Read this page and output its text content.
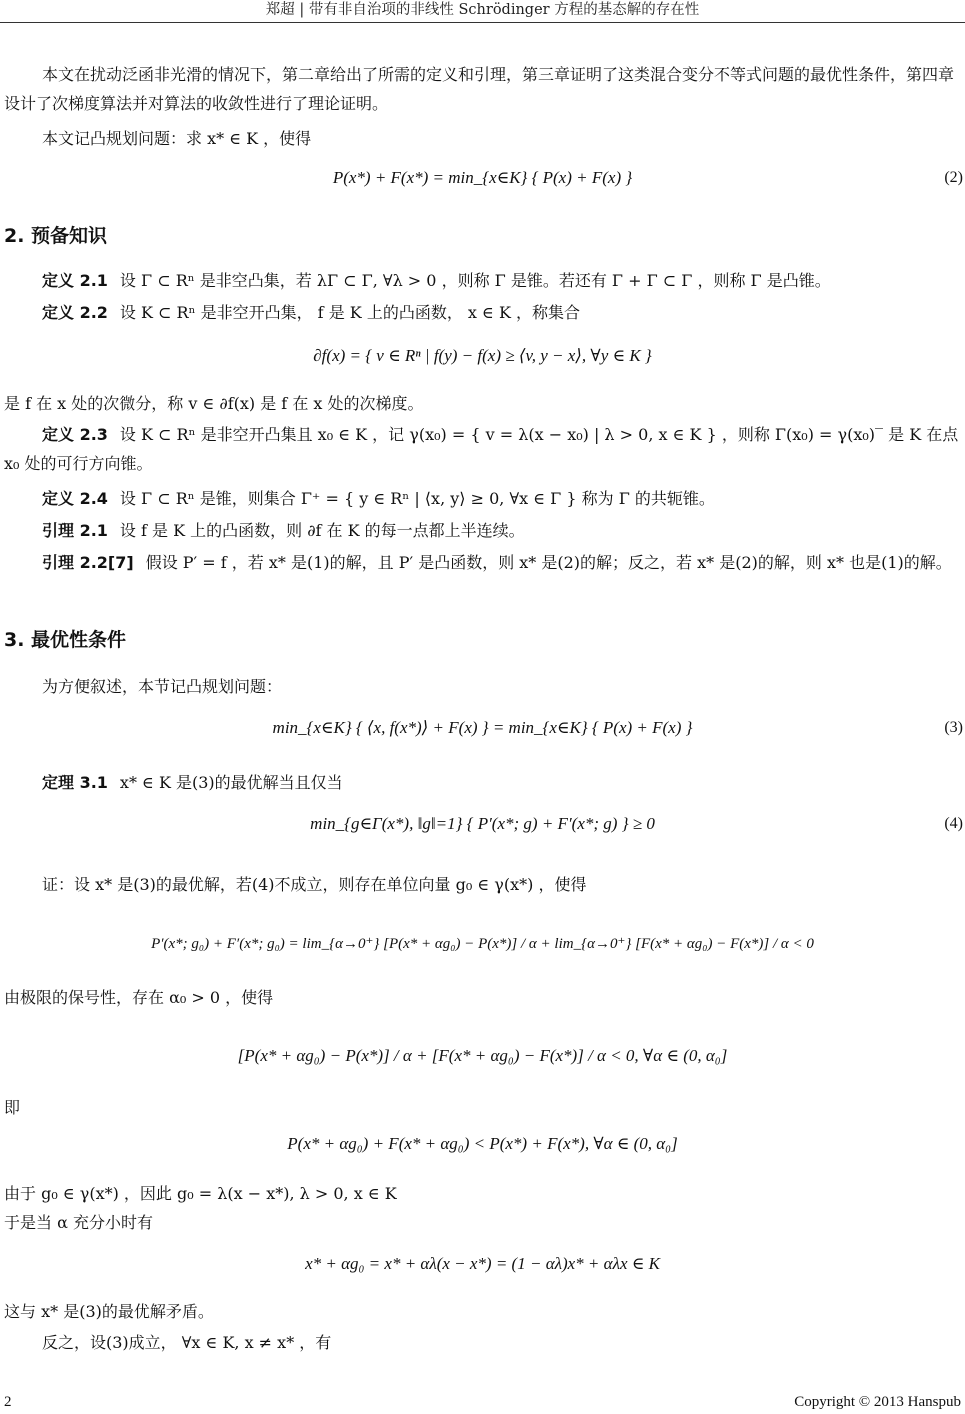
郑超 | 带有非自治项的非线性 Schrödinger 方程的基态解的存在性
本文在扰动泛函非光滑的情况下，第二章给出了所需的定义和引理，第三章证明了这类混合变分不等式问题的最优性条件，第四章设计了次梯度算法并对算法的收敛性进行了理论证明。
本文记凸规划问题：求 x* ∈ K ，使得
P(x*) + F(x*) = min_{x∈K} { P(x) + F(x) }	(2)
2. 预备知识
定义 2.1 设 Γ ⊂ Rⁿ 是非空凸集，若 λΓ ⊂ Γ, ∀λ > 0 ，则称 Γ 是锥。若还有 Γ + Γ ⊂ Γ ，则称 Γ 是凸锥。
定义 2.2 设 K ⊂ Rⁿ 是非空开凸集， f 是 K 上的凸函数， x ∈ K ，称集合
∂f(x) = { v ∈ Rⁿ | f(y) − f(x) ≥ ⟨v, y − x⟩, ∀y ∈ K }
是 f 在 x 处的次微分，称 v ∈ ∂f(x) 是 f 在 x 处的次梯度。
定义 2.3 设 K ⊂ Rⁿ 是非空开凸集且 x₀ ∈ K ，记 γ(x₀) = { v = λ(x − x₀) | λ > 0, x ∈ K } ，则称 Γ(x₀) = γ(x₀)‾ 是 K 在点 x₀ 处的可行方向锥。
定义 2.4 设 Γ ⊂ Rⁿ 是锥，则集合 Γ⁺ = { y ∈ Rⁿ | ⟨x, y⟩ ≥ 0, ∀x ∈ Γ } 称为 Γ 的共轭锥。
引理 2.1 设 f 是 K 上的凸函数，则 ∂f 在 K 的每一点都上半连续。
引理 2.2[7] 假设 P′ = f ，若 x* 是(1)的解，且 P′ 是凸函数，则 x* 是(2)的解；反之，若 x* 是(2)的解，则 x* 也是(1)的解。
3. 最优性条件
为方便叙述，本节记凸规划问题：
min_{x∈K} { ⟨x, f(x*)⟩ + F(x) } = min_{x∈K} { P(x) + F(x) }	(3)
定理 3.1 x* ∈ K 是(3)的最优解当且仅当
min_{g∈Γ(x*), ‖g‖=1} { P′(x*; g) + F′(x*; g) } ≥ 0	(4)
证：设 x* 是(3)的最优解，若(4)不成立，则存在单位向量 g₀ ∈ γ(x*) ，使得
P′(x*; g₀) + F′(x*; g₀) = lim_{α→0⁺} [P(x* + αg₀) − P(x*)] / α + lim_{α→0⁺} [F(x* + αg₀) − F(x*)] / α < 0
由极限的保号性，存在 α₀ > 0 ，使得
[P(x* + αg₀) − P(x*)] / α + [F(x* + αg₀) − F(x*)] / α < 0, ∀α ∈ (0, α₀]
即
P(x* + αg₀) + F(x* + αg₀) < P(x*) + F(x*), ∀α ∈ (0, α₀]
由于 g₀ ∈ γ(x*) ，因此 g₀ = λ(x − x*), λ > 0, x ∈ K
于是当 α 充分小时有
x* + αg₀ = x* + αλ(x − x*) = (1 − αλ)x* + αλx ∈ K
这与 x* 是(3)的最优解矛盾。
反之，设(3)成立， ∀x ∈ K, x ≠ x* ，有
2	Copyright © 2013 Hanspub
